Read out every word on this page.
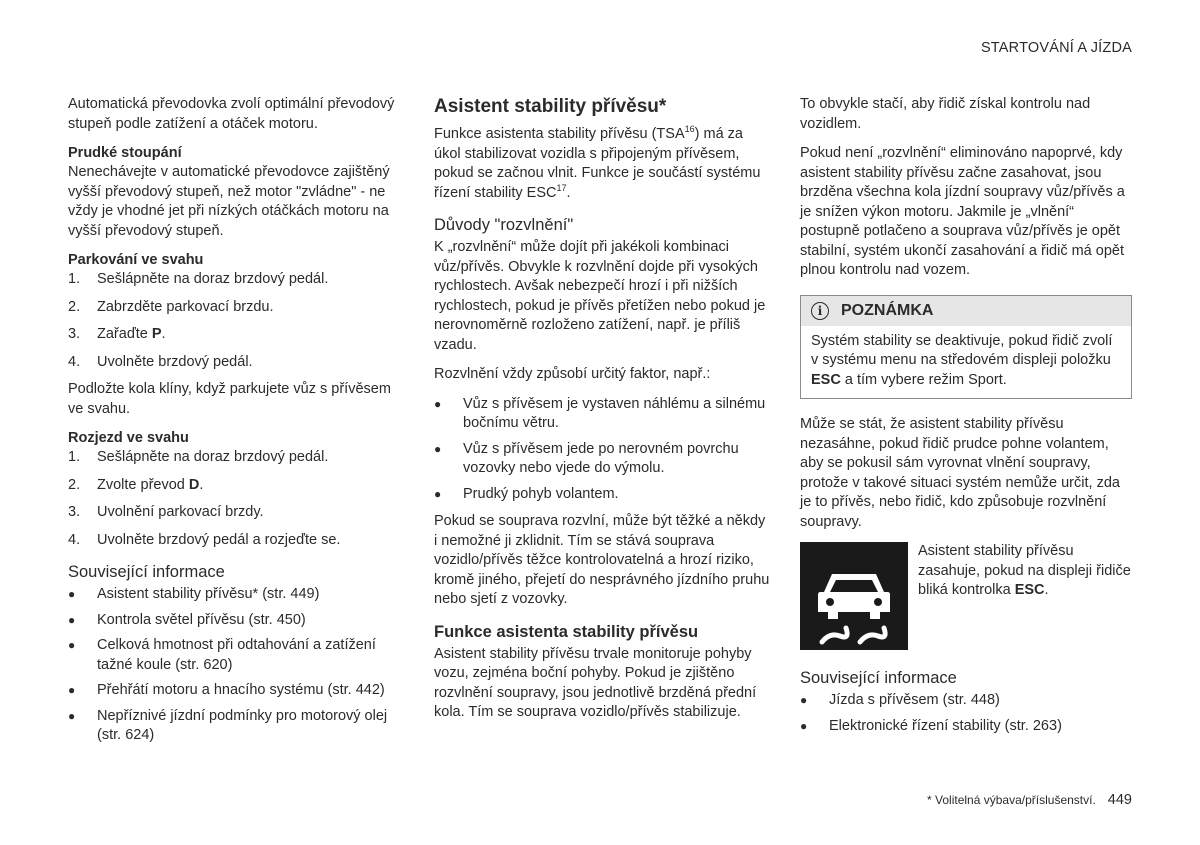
STARTOVÁNÍ A JÍZDA

Automatická převodovka zvolí optimální převodový stupeň podle zatížení a otáček motoru.

Prudké stoupání

Nenechávejte v automatické převodovce zajištěný vyšší převodový stupeň, než motor "zvládne" - ne vždy je vhodné jet při nízkých otáčkách motoru na vyšší převodový stupeň.

Parkování ve svahu
1.	Sešlápněte na doraz brzdový pedál.
2.	Zabrzděte parkovací brzdu.
3.	Zařaďte P.
4.	Uvolněte brzdový pedál.

Podložte kola klíny, když parkujete vůz s přívěsem ve svahu.

Rozjezd ve svahu
1.	Sešlápněte na doraz brzdový pedál.
2.	Zvolte převod D.
3.	Uvolnění parkovací brzdy.
4.	Uvolněte brzdový pedál a rozjeďte se.
Související informace
●	Asistent stability přívěsu* (str. 449)
●	Kontrola světel přívěsu (str. 450)
●	Celková hmotnost při odtahování a zatížení tažné koule (str. 620)
●	Přehřátí motoru a hnacího systému (str. 442)
●	Nepříznivé jízdní podmínky pro motorový olej (str. 624)
Asistent stability přívěsu*

Funkce asistenta stability přívěsu (TSA$^{16}$) má za úkol stabilizovat vozidla s připojeným přívěsem, pokud se začnou vlnit. Funkce je součástí systému řízení stability ESC$^{17}$.

Důvody "rozvlnění"

K „rozvlnění“ může dojít při jakékoli kombinaci vůz/přívěs. Obvykle k rozvlnění dojde při vysokých rychlostech. Avšak nebezpečí hrozí i při nižších rychlostech, pokud je přívěs přetížen nebo pokud je nerovnoměrně rozloženo zatížení, např. je příliš vzadu.

Rozvlnění vždy způsobí určitý faktor, např.:

●	Vůz s přívěsem je vystaven náhlému a silnému bočnímu větru.
●	Vůz s přívěsem jede po nerovném povrchu vozovky nebo vjede do výmolu.
●	Prudký pohyb volantem.

Pokud se souprava rozvlní, může být těžké a někdy i nemožné ji zklidnit. Tím se stává souprava vozidlo/přívěs těžce kontrolovatelná a hrozí riziko, kromě jiného, přejetí do nesprávného jízdního pruhu nebo sjetí z vozovky.

Funkce asistenta stability přívěsu

Asistent stability přívěsu trvale monitoruje pohyby vozu, zejména boční pohyby. Pokud je zjištěno rozvlnění soupravy, jsou jednotlivě brzděná přední kola. Tím se souprava vozidlo/přívěs stabilizuje.

To obvykle stačí, aby řidič získal kontrolu nad vozidlem.

Pokud není „rozvlnění“ eliminováno napoprvé, kdy asistent stability přívěsu začne zasahovat, jsou brzděna všechna kola jízdní soupravy vůz/přívěs a je snížen výkon motoru. Jakmile je „vlnění“ postupně potlačeno a souprava vůz/přívěs je opět stabilní, systém ukončí zasahování a řidič má opět plnou kontrolu nad vozem.

i	POZNÁMKA

Systém stability se deaktivuje, pokud řidič zvolí v systému menu na středovém displeji položku ESC a tím vybere režim Sport.

Může se stát, že asistent stability přívěsu nezasáhne, pokud řidič prudce pohne volantem, aby se pokusil sám vyrovnat vlnění soupravy, protože v takové situaci systém nemůže určit, zda je to přívěs, nebo řidič, kdo způsobuje rozvlnění soupravy.

Asistent stability přívěsu zasahuje, pokud na displeji řidiče bliká kontrolka ESC.

Související informace
●	Jízda s přívěsem (str. 448)
●	Elektronické řízení stability (str. 263)
* Volitelná výbava/příslušenství. 449
